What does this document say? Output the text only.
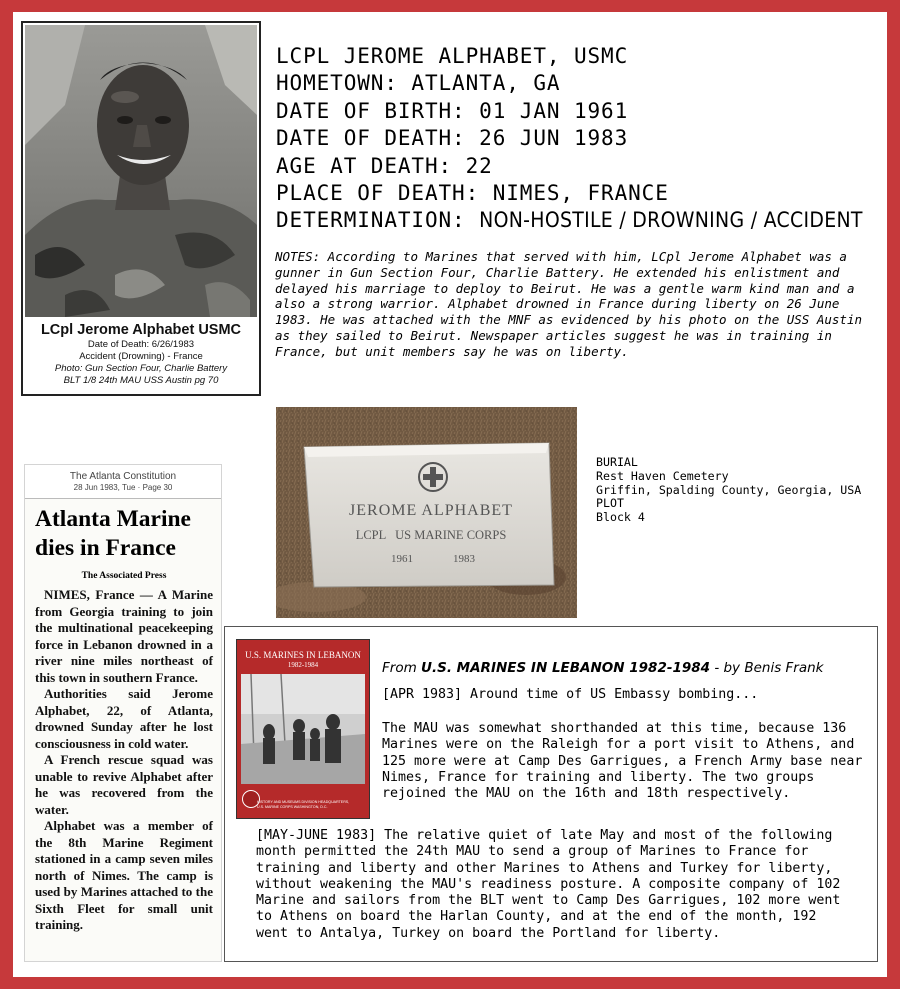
LCpl Jerome Alphabet USMC
Date of Death: 6/26/1983
Accident (Drowning) - France
Photo: Gun Section Four, Charlie Battery
BLT 1/8 24th MAU USS Austin pg 70
LCPL JEROME ALPHABET, USMC
HOMETOWN: ATLANTA, GA
DATE OF BIRTH: 01 JAN 1961
DATE OF DEATH: 26 JUN 1983
AGE AT DEATH: 22
PLACE OF DEATH: NIMES, FRANCE
DETERMINATION: NON-HOSTILE / DROWNING / ACCIDENT
NOTES: According to Marines that served with him, LCpl Jerome Alphabet was a gunner in Gun Section Four, Charlie Battery. He extended his enlistment and delayed his marriage to deploy to Beirut. He was a gentle warm kind man and a also a strong warrior. Alphabet drowned in France during liberty on 26 June 1983. He was attached with the MNF as evidenced by his photo on the USS Austin as they sailed to Beirut. Newspaper articles suggest he was in training in France, but unit members say he was on liberty.
JEROME ALPHABET
LCPL   US MARINE CORPS
1961	1983
BURIAL
Rest Haven Cemetery
Griffin, Spalding County, Georgia, USA
PLOT
Block 4
The Atlanta Constitution
28 Jun 1983, Tue · Page 30
Atlanta Marine dies in France
The Associated Press

NIMES, France — A Marine from Georgia training to join the multinational peacekeeping force in Lebanon drowned in a river nine miles northeast of this town in southern France.

Authorities said Jerome Alphabet, 22, of Atlanta, drowned Sunday after he lost consciousness in cold water.

A French rescue squad was unable to revive Alphabet after he was recovered from the water.

Alphabet was a member of the 8th Marine Regiment stationed in a camp seven miles north of Nimes. The camp is used by Marines attached to the Sixth Fleet for small unit training.

U.S. MARINES IN LEBANON
1982-1984
HISTORY AND MUSEUMS DIVISION HEADQUARTERS, U.S. MARINE CORPS WASHINGTON, D.C.
From U.S. MARINES IN LEBANON 1982-1984 - by Benis Frank
[APR 1983] Around time of US Embassy bombing...
The MAU was somewhat shorthanded at this time, because 136 Marines were on the Raleigh for a port visit to Athens, and 125 more were at Camp Des Garrigues, a French Army base near Nimes, France for training and liberty. The two groups rejoined the MAU on the 16th and 18th respectively.
[MAY-JUNE 1983] The relative quiet of late May and most of the following month permitted the 24th MAU to send a group of Marines to France for training and liberty and other Marines to Athens and Turkey for liberty, without weakening the MAU's readiness posture. A composite company of 102 Marine and sailors from the BLT went to Camp Des Garrigues, 102 more went to Athens on board the Harlan County, and at the end of the month, 192 went to Antalya, Turkey on board the Portland for liberty.
